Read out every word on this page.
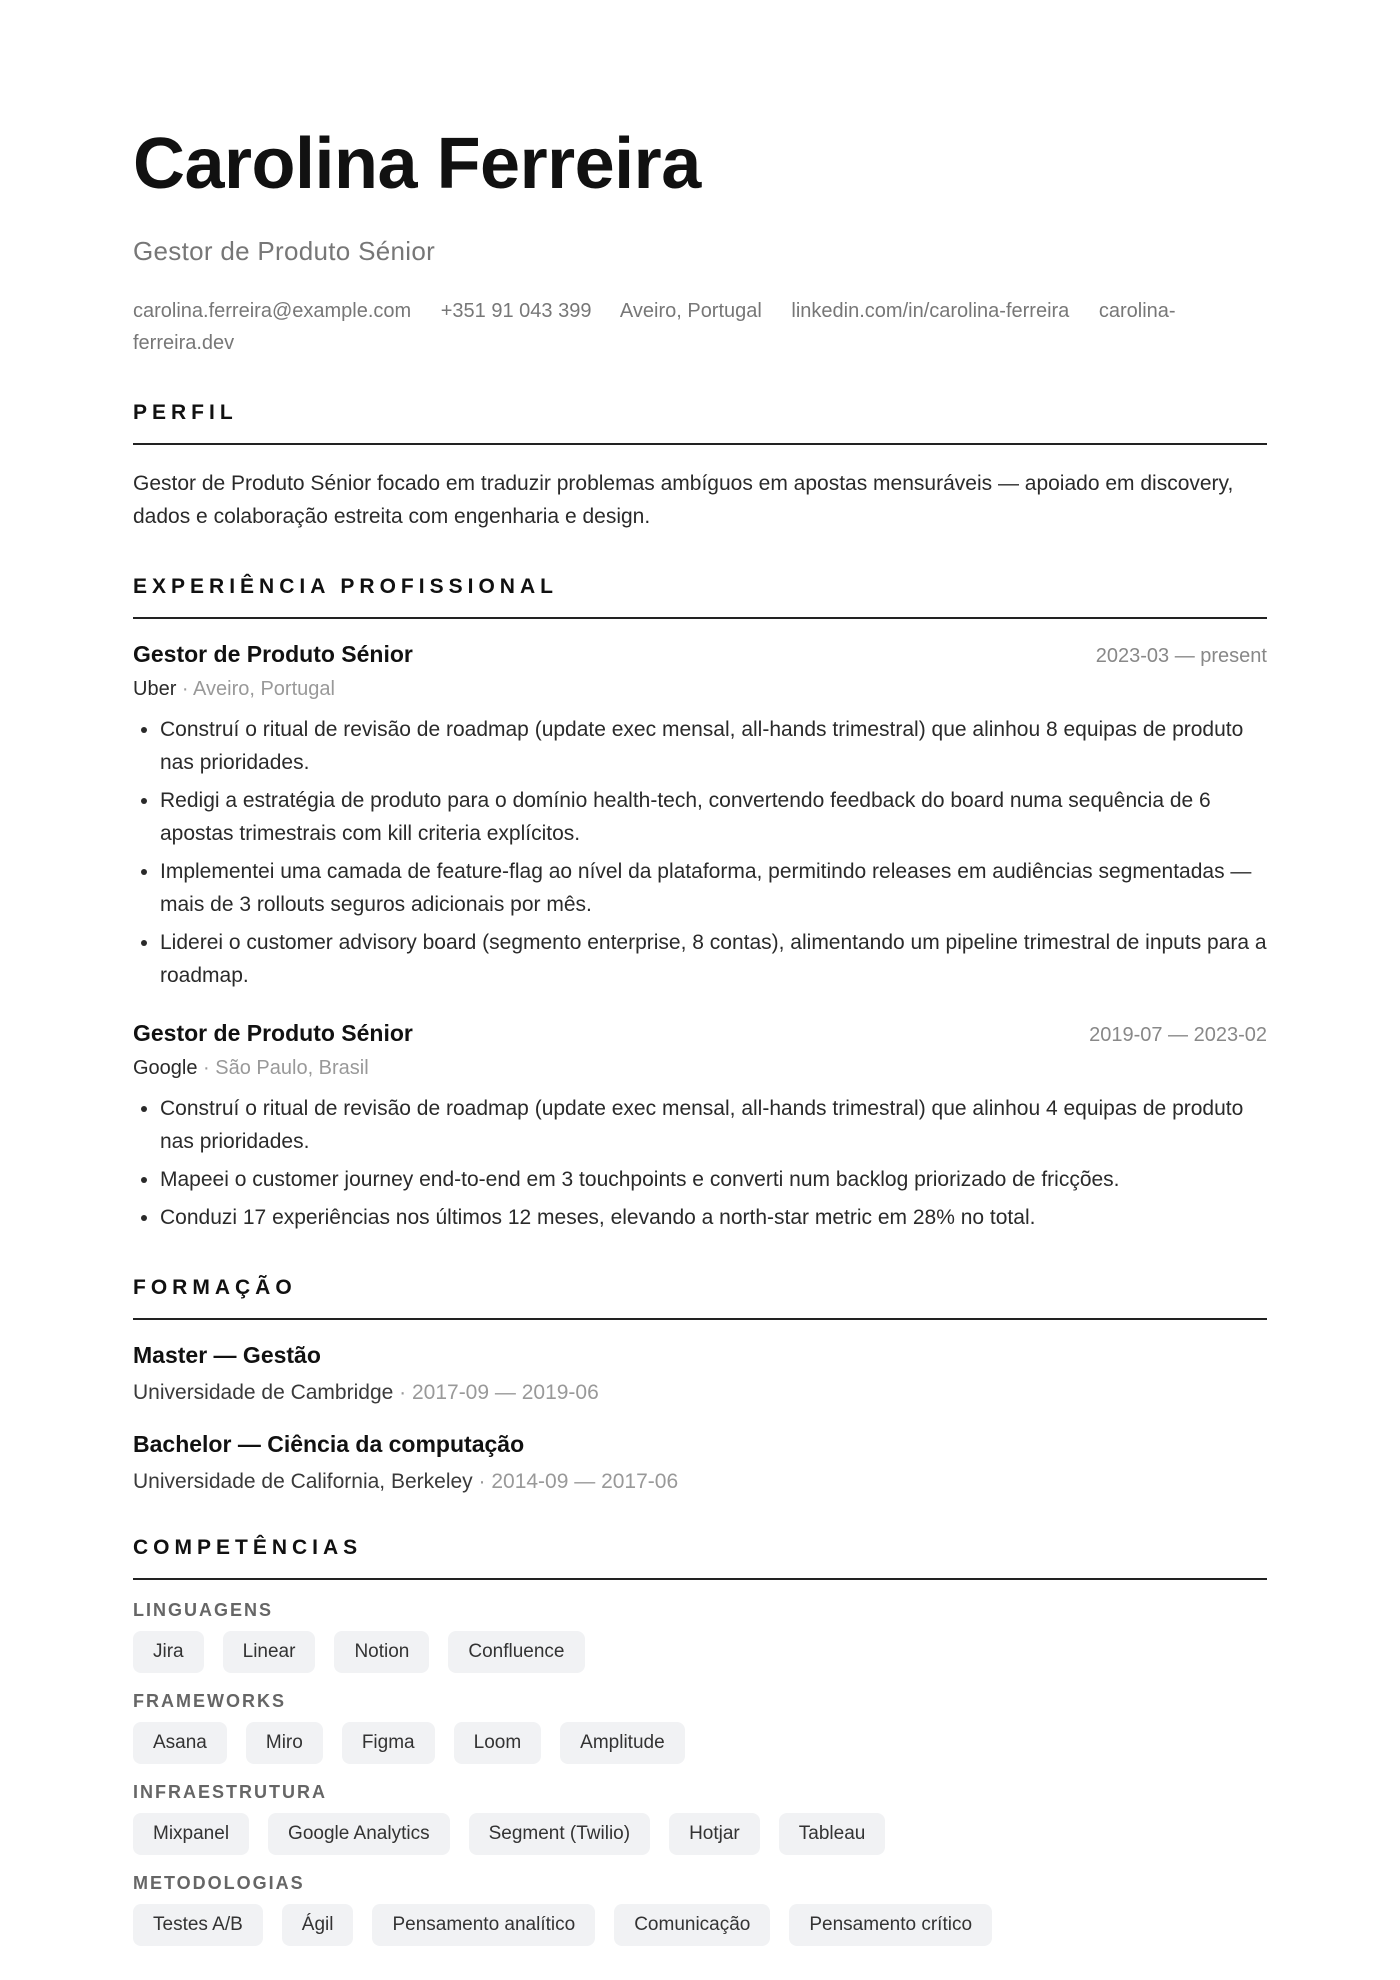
Carolina Ferreira
Gestor de Produto Sénior
carolina.ferreira@example.com +351 91 043 399 Aveiro, Portugal linkedin.com/in/carolina-ferreira carolina-ferreira.dev
PERFIL

Gestor de Produto Sénior focado em traduzir problemas ambíguos em apostas mensuráveis — apoiado em discovery, dados e colaboração estreita com engenharia e design.

EXPERIÊNCIA PROFISSIONAL
Gestor de Produto Sénior	2023-03 — present
Uber · Aveiro, Portugal
• Construí o ritual de revisão de roadmap (update exec mensal, all-hands trimestral) que alinhou 8 equipas de produto nas prioridades.
• Redigi a estratégia de produto para o domínio health-tech, convertendo feedback do board numa sequência de 6 apostas trimestrais com kill criteria explícitos.
• Implementei uma camada de feature-flag ao nível da plataforma, permitindo releases em audiências segmentadas — mais de 3 rollouts seguros adicionais por mês.
• Liderei o customer advisory board (segmento enterprise, 8 contas), alimentando um pipeline trimestral de inputs para a roadmap.
Gestor de Produto Sénior	2019-07 — 2023-02
Google · São Paulo, Brasil
• Construí o ritual de revisão de roadmap (update exec mensal, all-hands trimestral) que alinhou 4 equipas de produto nas prioridades.
• Mapeei o customer journey end-to-end em 3 touchpoints e converti num backlog priorizado de fricções.
• Conduzi 17 experiências nos últimos 12 meses, elevando a north-star metric em 28% no total.
FORMAÇÃO
Master — Gestão
Universidade de Cambridge · 2017-09 — 2019-06
Bachelor — Ciência da computação
Universidade de California, Berkeley · 2014-09 — 2017-06
COMPETÊNCIAS
LINGUAGENS
Jira	Linear	Notion	Confluence
FRAMEWORKS
Asana	Miro	Figma	Loom	Amplitude
INFRAESTRUTURA
Mixpanel	Google Analytics	Segment (Twilio)	Hotjar	Tableau
METODOLOGIAS
Testes A/B	Ágil	Pensamento analítico	Comunicação	Pensamento crítico
